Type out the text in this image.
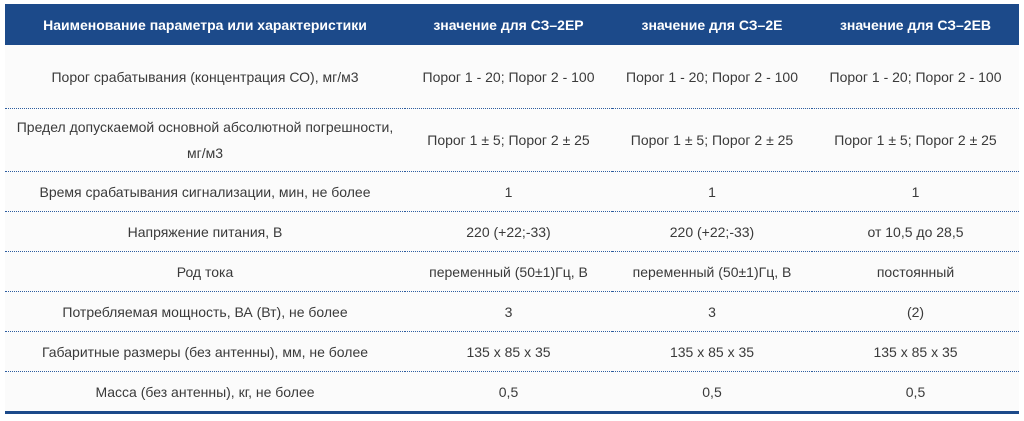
Наименование параметра или характеристики	значение для СЗ–2ЕР	значение для СЗ–2Е	значение для СЗ–2ЕВ
Порог срабатывания (концентрация СО), мг/м3	Порог 1 - 20; Порог 2 - 100	Порог 1 - 20; Порог 2 - 100	Порог 1 - 20; Порог 2 - 100
Предел допускаемой основной абсолютной погрешности, мг/м3	Порог 1 ± 5; Порог 2 ± 25	Порог 1 ± 5; Порог 2 ± 25	Порог 1 ± 5; Порог 2 ± 25
Время срабатывания сигнализации, мин, не более	1	1	1
Напряжение питания, В	220 (+22;-33)	220 (+22;-33)	от 10,5 до 28,5
Род тока	переменный (50±1)Гц, В	переменный (50±1)Гц, В	постоянный
Потребляемая мощность, ВА (Вт), не более	3	3	(2)
Габаритные размеры (без антенны), мм, не более	135 x 85 x 35	135 x 85 x 35	135 x 85 x 35
Масса (без антенны), кг, не более	0,5	0,5	0,5
